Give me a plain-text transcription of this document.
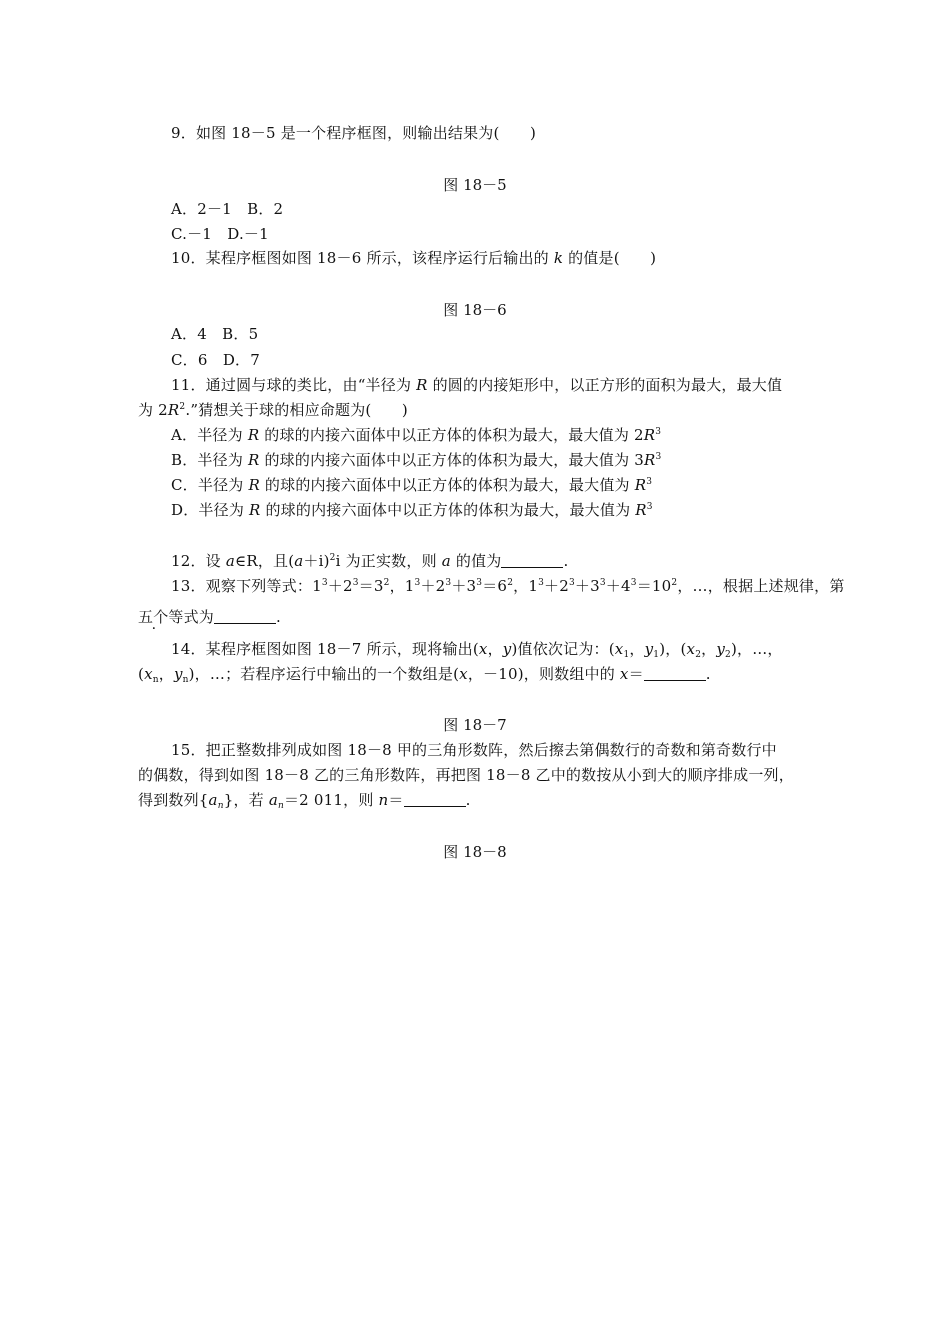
9．如图 18－5 是一个程序框图，则输出结果为(　　)
图 18－5
A．2－1　B．2
C.－1　D.－1
10．某程序框图如图 18－6 所示，该程序运行后输出的 k 的值是(　　)
图 18－6
A．4　B．5
C．6　D．7
11．通过圆与球的类比，由“半径为 R 的圆的内接矩形中，以正方形的面积为最大，最大值
为 $2R^2$.”猜想关于球的相应命题为(　　)
A．半径为 R 的球的内接六面体中以正方体的体积为最大，最大值为 $2R^3$
B．半径为 R 的球的内接六面体中以正方体的体积为最大，最大值为 $3R^3$
C．半径为 R 的球的内接六面体中以正方体的体积为最大，最大值为 $R^3$
D．半径为 R 的球的内接六面体中以正方体的体积为最大，最大值为 $R^3$
12．设 a∈R，且$(a+i)^2i$ 为正实数，则 a 的值为	.
13．观察下列等式：$1^3+2^3=3^2$，$1^3+2^3+3^3=6^2$，$1^3+2^3+3^3+4^3=10^2$，…，根据上述规律，第
五个等式为	.
14．某程序框图如图 18－7 所示，现将输出(x，y)值依次记为：($x_1$，$y_1$)，($x_2$，$y_2$)，…，
($x_n$，$y_n$)，…；若程序运行中输出的一个数组是(x，－10)，则数组中的 x＝	.
图 18－7
15．把正整数排列成如图 18－8 甲的三角形数阵，然后擦去第偶数行的奇数和第奇数行中
的偶数，得到如图 18－8 乙的三角形数阵，再把图 18－8 乙中的数按从小到大的顺序排成一列，
得到数列$\{a_n\}$，若 $a_n=2$ 011，则 n＝	.
图 18－8
